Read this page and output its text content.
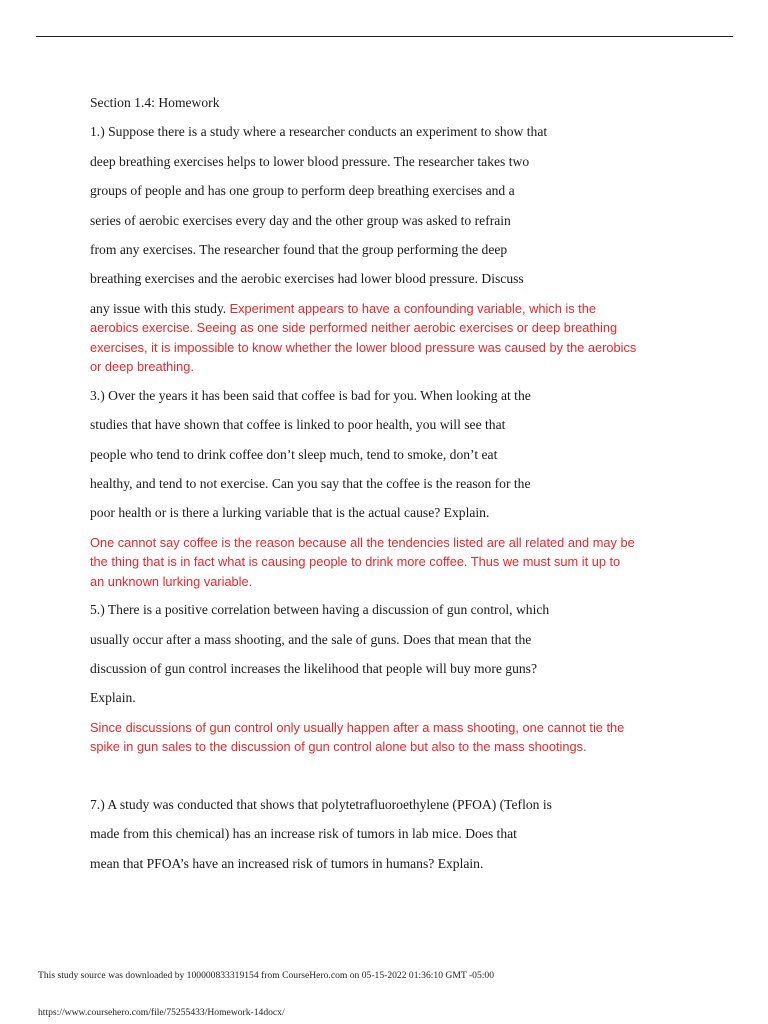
Section 1.4: Homework
1.) Suppose there is a study where a researcher conducts an experiment to show that
deep breathing exercises helps to lower blood pressure. The researcher takes two
groups of people and has one group to perform deep breathing exercises and a
series of aerobic exercises every day and the other group was asked to refrain
from any exercises. The researcher found that the group performing the deep
breathing exercises and the aerobic exercises had lower blood pressure. Discuss
any issue with this study. Experiment appears to have a confounding variable, which is the
aerobics exercise. Seeing as one side performed neither aerobic exercises or deep breathing
exercises, it is impossible to know whether the lower blood pressure was caused by the aerobics
or deep breathing.
3.) Over the years it has been said that coffee is bad for you. When looking at the
studies that have shown that coffee is linked to poor health, you will see that
people who tend to drink coffee don’t sleep much, tend to smoke, don’t eat
healthy, and tend to not exercise. Can you say that the coffee is the reason for the
poor health or is there a lurking variable that is the actual cause? Explain.
One cannot say coffee is the reason because all the tendencies listed are all related and may be
the thing that is in fact what is causing people to drink more coffee. Thus we must sum it up to
an unknown lurking variable.
5.) There is a positive correlation between having a discussion of gun control, which
usually occur after a mass shooting, and the sale of guns. Does that mean that the
discussion of gun control increases the likelihood that people will buy more guns?
Explain.
Since discussions of gun control only usually happen after a mass shooting, one cannot tie the
spike in gun sales to the discussion of gun control alone but also to the mass shootings.
7.) A study was conducted that shows that polytetrafluoroethylene (PFOA) (Teflon is
made from this chemical) has an increase risk of tumors in lab mice. Does that
mean that PFOA’s have an increased risk of tumors in humans? Explain.
This study source was downloaded by 100000833319154 from CourseHero.com on 05-15-2022 01:36:10 GMT -05:00
https://www.coursehero.com/file/75255433/Homework-14docx/
